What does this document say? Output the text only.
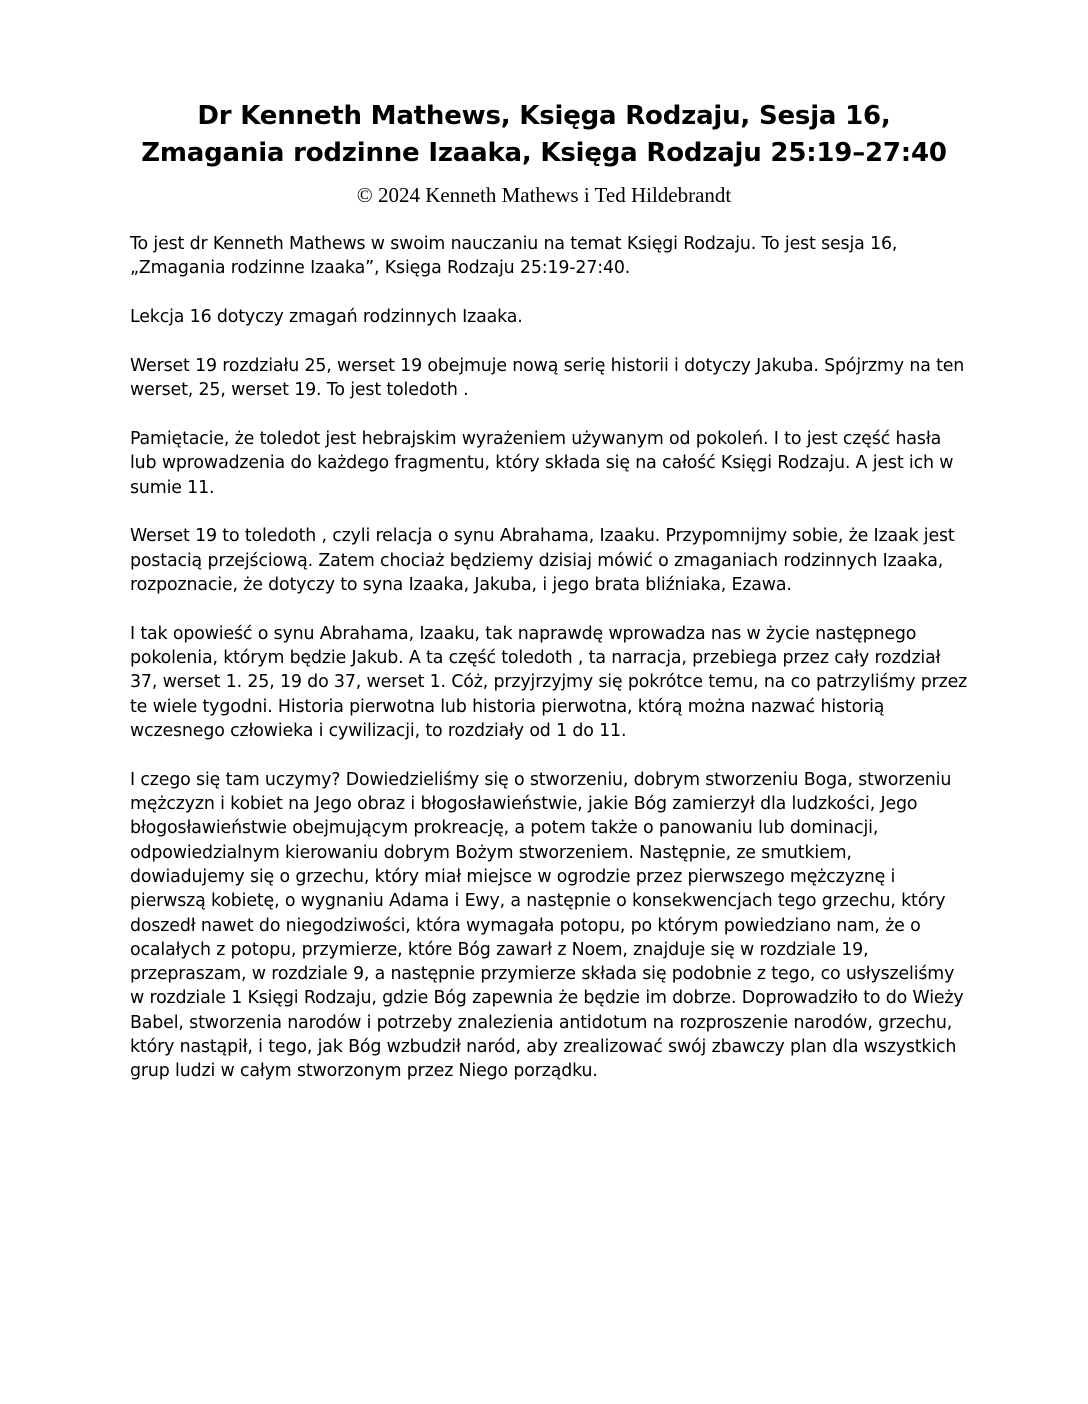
Dr Kenneth Mathews, Księga Rodzaju, Sesja 16,
Zmagania rodzinne Izaaka, Księga Rodzaju 25:19–27:40
© 2024 Kenneth Mathews i Ted Hildebrandt

To jest dr Kenneth Mathews w swoim nauczaniu na temat Księgi Rodzaju. To jest sesja 16, „Zmagania rodzinne Izaaka”, Księga Rodzaju 25:19-27:40.

Lekcja 16 dotyczy zmagań rodzinnych Izaaka.

Werset 19 rozdziału 25, werset 19 obejmuje nową serię historii i dotyczy Jakuba. Spójrzmy na ten werset, 25, werset 19. To jest toledoth .

Pamiętacie, że toledot jest hebrajskim wyrażeniem używanym od pokoleń. I to jest część hasła lub wprowadzenia do każdego fragmentu, który składa się na całość Księgi Rodzaju. A jest ich w sumie 11.

Werset 19 to toledoth , czyli relacja o synu Abrahama, Izaaku. Przypomnijmy sobie, że Izaak jest postacią przejściową. Zatem chociaż będziemy dzisiaj mówić o zmaganiach rodzinnych Izaaka, rozpoznacie, że dotyczy to syna Izaaka, Jakuba, i jego brata bliźniaka, Ezawa.

I tak opowieść o synu Abrahama, Izaaku, tak naprawdę wprowadza nas w życie następnego pokolenia, którym będzie Jakub. A ta część toledoth , ta narracja, przebiega przez cały rozdział 37, werset 1. 25, 19 do 37, werset 1. Cóż, przyjrzyjmy się pokrótce temu, na co patrzyliśmy przez te wiele tygodni. Historia pierwotna lub historia pierwotna, którą można nazwać historią wczesnego człowieka i cywilizacji, to rozdziały od 1 do 11.

I czego się tam uczymy? Dowiedzieliśmy się o stworzeniu, dobrym stworzeniu Boga, stworzeniu mężczyzn i kobiet na Jego obraz i błogosławieństwie, jakie Bóg zamierzył dla ludzkości, Jego błogosławieństwie obejmującym prokreację, a potem także o panowaniu lub dominacji, odpowiedzialnym kierowaniu dobrym Bożym stworzeniem. Następnie, ze smutkiem, dowiadujemy się o grzechu, który miał miejsce w ogrodzie przez pierwszego mężczyznę i pierwszą kobietę, o wygnaniu Adama i Ewy, a następnie o konsekwencjach tego grzechu, który doszedł nawet do niegodziwości, która wymagała potopu, po którym powiedziano nam, że o ocalałych z potopu, przymierze, które Bóg zawarł z Noem, znajduje się w rozdziale 19, przepraszam, w rozdziale 9, a następnie przymierze składa się podobnie z tego, co usłyszeliśmy w rozdziale 1 Księgi Rodzaju, gdzie Bóg zapewnia że będzie im dobrze. Doprowadziło to do Wieży Babel, stworzenia narodów i potrzeby znalezienia antidotum na rozproszenie narodów, grzechu, który nastąpił, i tego, jak Bóg wzbudził naród, aby zrealizować swój zbawczy plan dla wszystkich grup ludzi w całym stworzonym przez Niego porządku.
